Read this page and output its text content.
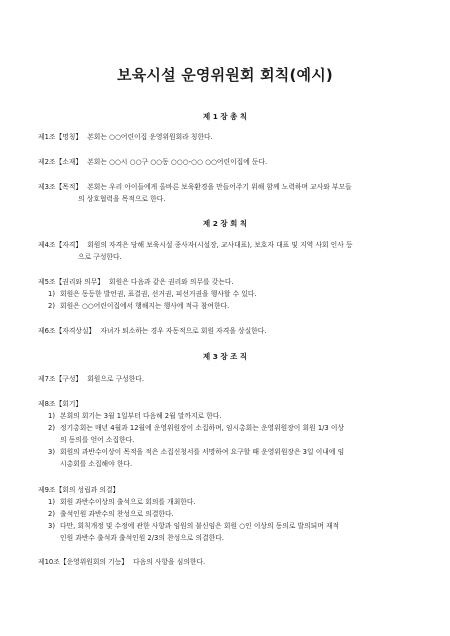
보육시설 운영위원회 회칙(예시)
제 1 장 총 칙
제1조【명칭】 본회는 ○○어린이집 운영위원회라 칭한다.
제2조【소재】 본회는 ○○시 ○○구 ○○동 ○○○-○○ ○○어린이집에 둔다.
제3조【목적】 본회는 우리 아이들에게 올바른 보육환경을 만들어주기 위해 함께 노력하며 교사와 부모들
의 상호협력을 목적으로 한다.
제 2 장 회 칙
제4조【자격】 회원의 자격은 당해 보육시설 종사자(시설장, 교사대표), 보호자 대표 및 지역 사회 인사 등
으로 구성한다.
제5조【권리와 의무】 회원은 다음과 같은 권리와 의무를 갖는다.
1) 회원은 동등한 발언권, 표결권, 선거권, 피선거권을 행사할 수 있다.
2) 회원은 ○○어린이집에서 행해지는 행사에 적극 참여한다.
제6조【자격상실】 자녀가 퇴소하는 경우 자동적으로 회원 자격을 상실한다.
제 3 장 조 직
제7조【구성】 회원으로 구성한다.
제8조【회기】
1) 본회의 회기는 3월 1일부터 다음해 2월 말까지로 한다.
2) 정기총회는 매년 4월과 12월에 운영위원장이 소집하며, 임시총회는 운영위원장이 회원 1/3 이상
의 동의를 얻어 소집한다.
3) 회원의 과반수이상이 목적을 적은 소집신청서를 서명하여 요구할 때 운영위원장은 3일 이내에 임
시총회를 소집해야 한다.
제9조【회의 성립과 의결】
1) 회원 과반수이상의 출석으로 회의를 개최한다.
2) 출석인원 과반수의 찬성으로 의결한다.
3) 다만, 회칙개정 및 수정에 관한 사항과 임원의 불신임은 회원 ○인 이상의 동의로 발의되며 재적
인원 과반수 출석과 출석인원 2/3의 찬성으로 의결한다.
제10조【운영위원회의 기능】 다음의 사항을 심의한다.
